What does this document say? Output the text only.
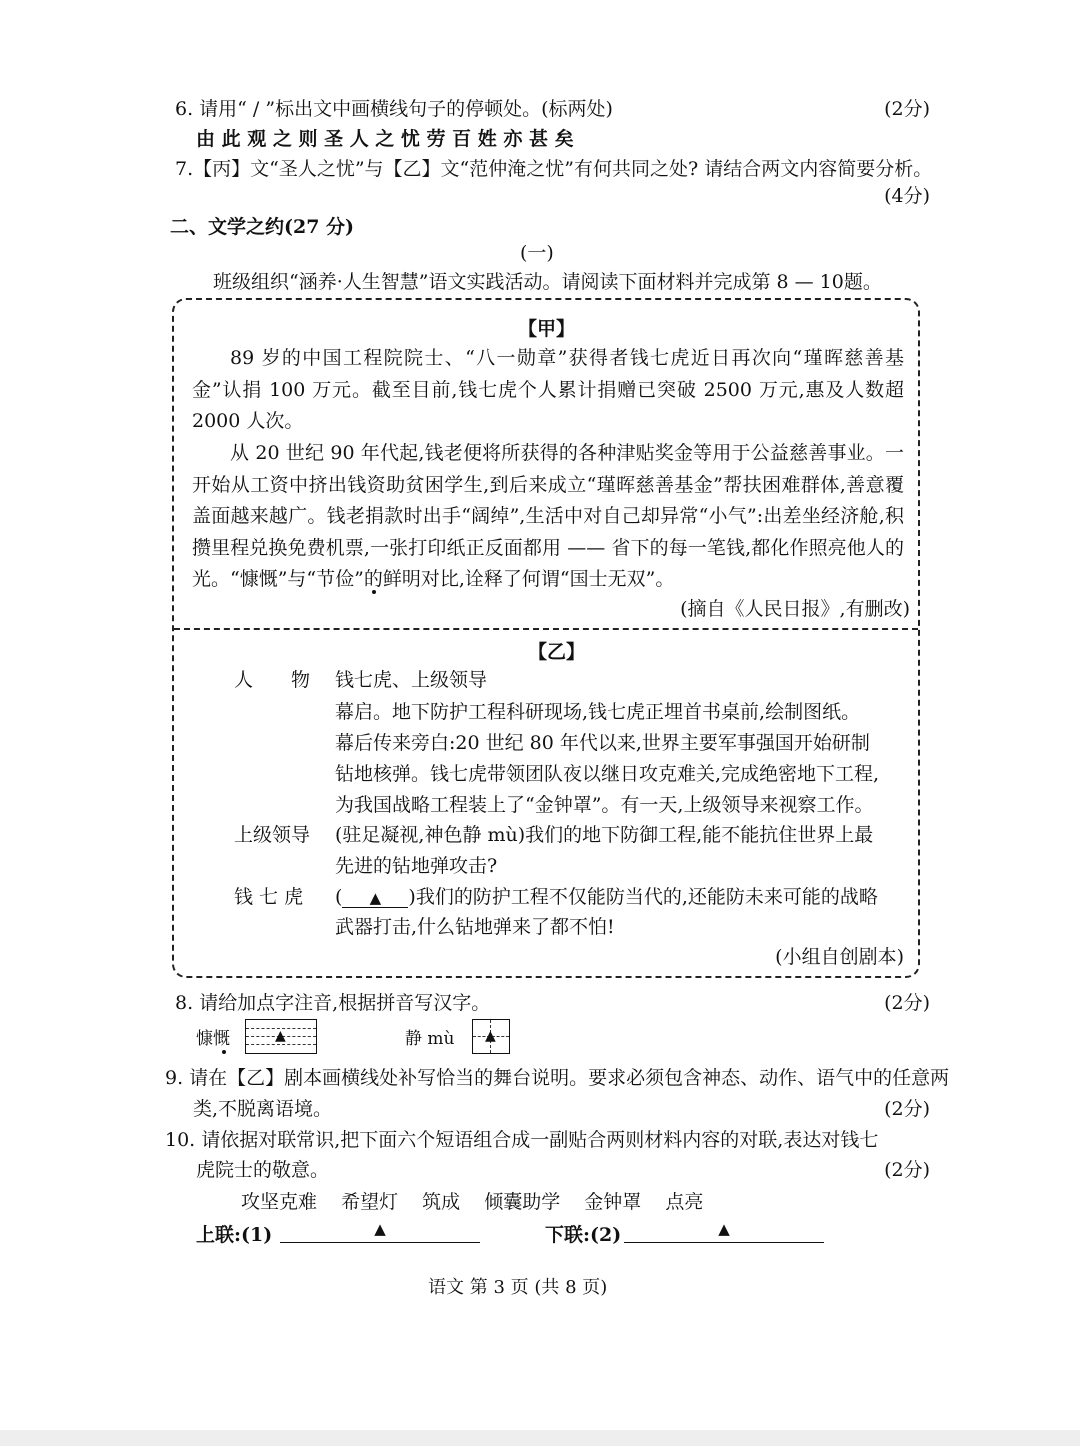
6. 请用“ / ”标出文中画横线句子的停顿处。(标两处)	(2分)
由 此 观 之 则 圣 人 之 忧 劳 百 姓 亦 甚 矣
7.【丙】文“圣人之忧”与【乙】文“范仲淹之忧”有何共同之处? 请结合两文内容简要分析。
(4分)
二、文学之约(27 分)
(一)
班级组织“涵养·人生智慧”语文实践活动。请阅读下面材料并完成第 8 — 10题。
【甲】
89 岁的中国工程院院士、“八一勋章”获得者钱七虎近日再次向“瑾晖慈善基金”认捐 100 万元。截至目前,钱七虎个人累计捐赠已突破 2500 万元,惠及人数超 2000 人次。
从 20 世纪 90 年代起,钱老便将所获得的各种津贴奖金等用于公益慈善事业。一开始从工资中挤出钱资助贫困学生,到后来成立“瑾晖慈善基金”帮扶困难群体,善意覆盖面越来越广。钱老捐款时出手“阔绰”,生活中对自己却异常“小气”:出差坐经济舱,积攒里程兑换免费机票,一张打印纸正反面都用 —— 省下的每一笔钱,都化作照亮他人的光。“慷慨”与“节俭”的鲜明对比,诠释了何谓“国士无双”。
(摘自《人民日报》,有删改)
【乙】
人　　物 钱七虎、上级领导
幕启。地下防护工程科研现场,钱七虎正埋首书桌前,绘制图纸。
幕后传来旁白:20 世纪 80 年代以来,世界主要军事强国开始研制
钻地核弹。钱七虎带领团队夜以继日攻克难关,完成绝密地下工程,
为我国战略工程装上了“金钟罩”。有一天,上级领导来视察工作。
上级领导 (驻足凝视,神色静 mù)我们的地下防御工程,能不能抗住世界上最
先进的钻地弹攻击?
钱 七 虎 ( ▲ )我们的防护工程不仅能防当代的,还能防未来可能的战略
武器打击,什么钻地弹来了都不怕!
(小组自创剧本)
8. 请给加点字注音,根据拼音写汉字。	(2分)
慷慨	▲	静 mù ▲
9. 请在【乙】剧本画横线处补写恰当的舞台说明。要求必须包含神态、动作、语气中的任意两
类,不脱离语境。	(2分)
10. 请依据对联常识,把下面六个短语组合成一副贴合两则材料内容的对联,表达对钱七
虎院士的敬意。	(2分)
攻坚克难 希望灯 筑成 倾囊助学 金钟罩 点亮
上联:(1)	▲	下联:(2)	▲
语文 第 3 页 (共 8 页)
